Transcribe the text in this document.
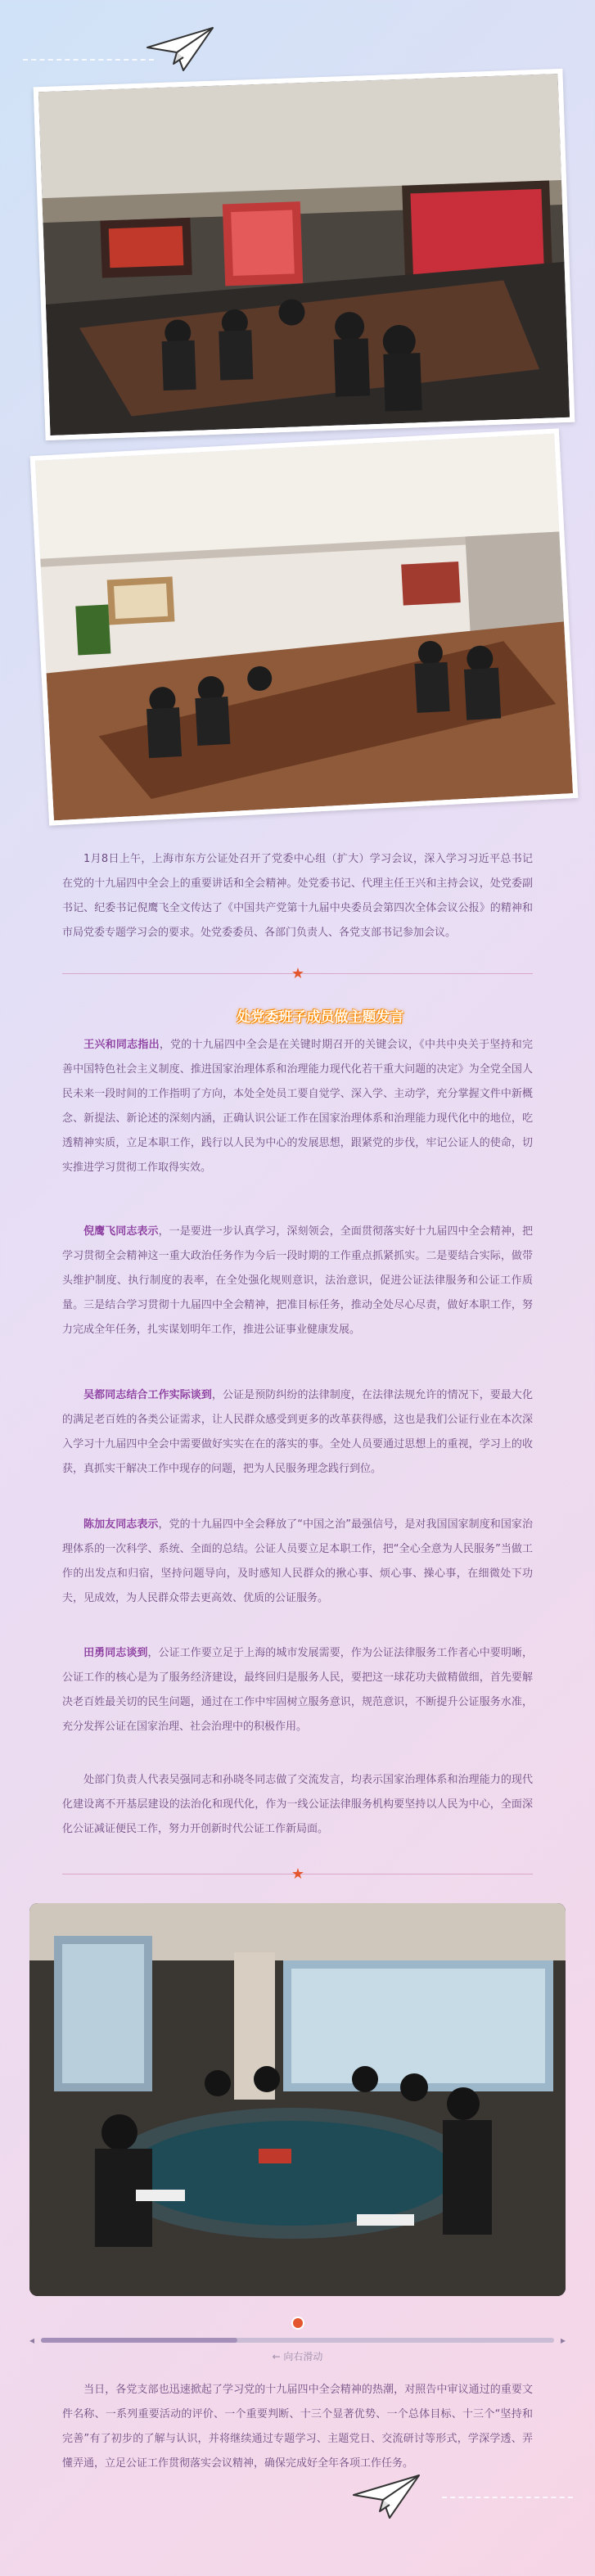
1月8日上午，上海市东方公证处召开了党委中心组（扩大）学习会议，深入学习习近平总书记在党的十九届四中全会上的重要讲话和全会精神。处党委书记、代理主任王兴和主持会议，处党委副书记、纪委书记倪鹰飞全文传达了《中国共产党第十九届中央委员会第四次全体会议公报》的精神和市局党委专题学习会的要求。处党委委员、各部门负责人、各党支部书记参加会议。

★
处党委班子成员做主题发言

王兴和同志指出，党的十九届四中全会是在关键时期召开的关键会议，《中共中央关于坚持和完善中国特色社会主义制度、推进国家治理体系和治理能力现代化若干重大问题的决定》为全党全国人民未来一段时间的工作指明了方向，本处全处员工要自觉学、深入学、主动学，充分掌握文件中新概念、新提法、新论述的深刻内涵，正确认识公证工作在国家治理体系和治理能力现代化中的地位，吃透精神实质，立足本职工作，践行以人民为中心的发展思想，跟紧党的步伐，牢记公证人的使命，切实推进学习贯彻工作取得实效。

倪鹰飞同志表示，一是要进一步认真学习，深刻领会，全面贯彻落实好十九届四中全会精神，把学习贯彻全会精神这一重大政治任务作为今后一段时期的工作重点抓紧抓实。二是要结合实际，做带头维护制度、执行制度的表率，在全处强化规则意识，法治意识，促进公证法律服务和公证工作质量。三是结合学习贯彻十九届四中全会精神，把准目标任务，推动全处尽心尽责，做好本职工作，努力完成全年任务，扎实谋划明年工作，推进公证事业健康发展。

吴都同志结合工作实际谈到，公证是预防纠纷的法律制度，在法律法规允许的情况下，要最大化的满足老百姓的各类公证需求，让人民群众感受到更多的改革获得感，这也是我们公证行业在本次深入学习十九届四中全会中需要做好实实在在的落实的事。全处人员要通过思想上的重视，学习上的收获，真抓实干解决工作中现存的问题，把为人民服务理念践行到位。

陈加友同志表示，党的十九届四中全会释放了“中国之治”最强信号，是对我国国家制度和国家治理体系的一次科学、系统、全面的总结。公证人员要立足本职工作，把“全心全意为人民服务”当做工作的出发点和归宿，坚持问题导向，及时感知人民群众的揪心事、烦心事、操心事，在细微处下功夫，见成效，为人民群众带去更高效、优质的公证服务。

田勇同志谈到，公证工作要立足于上海的城市发展需要，作为公证法律服务工作者心中要明晰，公证工作的核心是为了服务经济建设，最终回归是服务人民，要把这一球花功夫做精做细，首先要解决老百姓最关切的民生问题，通过在工作中牢固树立服务意识，规范意识，不断提升公证服务水准，充分发挥公证在国家治理、社会治理中的积极作用。

处部门负责人代表吴强同志和孙晓冬同志做了交流发言，均表示国家治理体系和治理能力的现代化建设离不开基层建设的法治化和现代化，作为一线公证法律服务机构要坚持以人民为中心，全面深化公证减证便民工作，努力开创新时代公证工作新局面。

★
◂	▸
← 向右滑动

当日，各党支部也迅速掀起了学习党的十九届四中全会精神的热潮，对照告中审议通过的重要文件名称、一系列重要活动的评价、一个重要判断、十三个显著优势、一个总体目标、十三个“坚持和完善”有了初步的了解与认识，并将继续通过专题学习、主题党日、交流研讨等形式，学深学透、弄懂弄通，立足公证工作贯彻落实会议精神，确保完成好全年各项工作任务。
